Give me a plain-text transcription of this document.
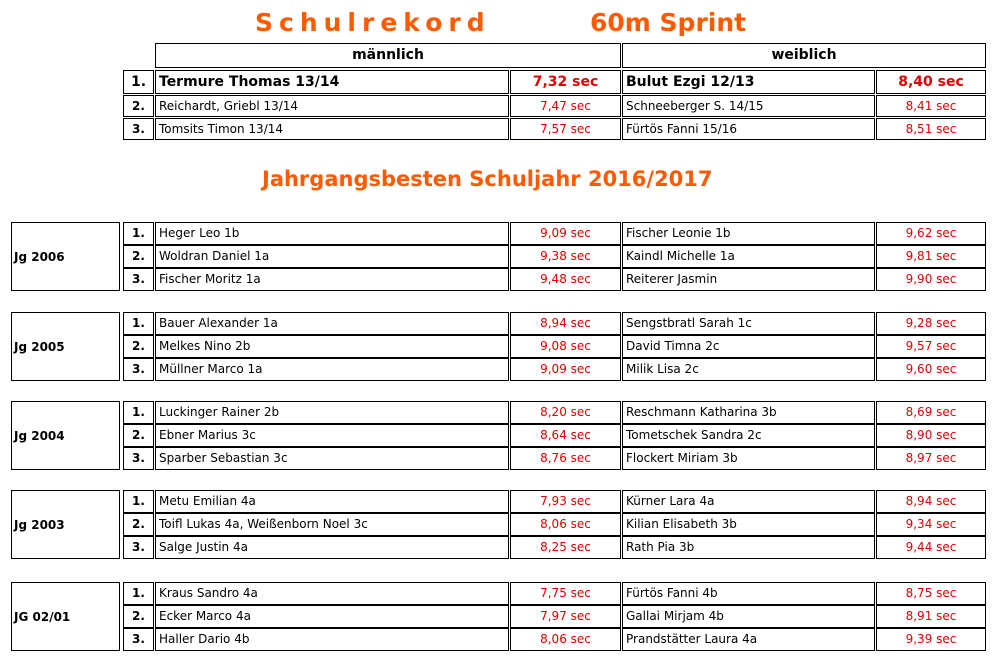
Schulrekord	60m Sprint
männlich	weiblich
1. Termure Thomas 13/14	7,32 sec	Bulut Ezgi 12/13	8,40 sec
2.	Reichardt, Griebl 13/14	7,47 sec	Schneeberger S. 14/15	8,41 sec
3.	Tomsits Timon 13/14	7,57 sec	Fürtös Fanni 15/16	8,51 sec
Jahrgangsbesten Schuljahr 2016/2017
Jg 2006
1.	Heger Leo 1b	9,09 sec	Fischer Leonie 1b	9,62 sec
2.	Woldran Daniel 1a	9,38 sec	Kaindl Michelle 1a	9,81 sec
3.	Fischer Moritz 1a	9,48 sec	Reiterer Jasmin	9,90 sec
Jg 2005
1.	Bauer Alexander 1a	8,94 sec	Sengstbratl Sarah 1c	9,28 sec
2.	Melkes Nino 2b	9,08 sec	David Timna 2c	9,57 sec
3.	Müllner Marco 1a	9,09 sec	Milik Lisa 2c	9,60 sec
Jg 2004
1.	Luckinger Rainer 2b	8,20 sec	Reschmann Katharina 3b	8,69 sec
2.	Ebner Marius 3c	8,64 sec	Tometschek Sandra 2c	8,90 sec
3.	Sparber Sebastian 3c	8,76 sec	Flockert Miriam 3b	8,97 sec
Jg 2003
1.	Metu Emilian 4a	7,93 sec	Kürner Lara 4a	8,94 sec
2.	Toifl Lukas 4a, Weißenborn Noel 3c	8,06 sec	Kilian Elisabeth 3b	9,34 sec
3.	Salge Justin 4a	8,25 sec	Rath Pia 3b	9,44 sec
JG 02/01
1.	Kraus Sandro 4a	7,75 sec	Fürtös Fanni 4b	8,75 sec
2.	Ecker Marco 4a	7,97 sec	Gallai Mirjam 4b	8,91 sec
3.	Haller Dario 4b	8,06 sec	Prandstätter Laura 4a	9,39 sec
